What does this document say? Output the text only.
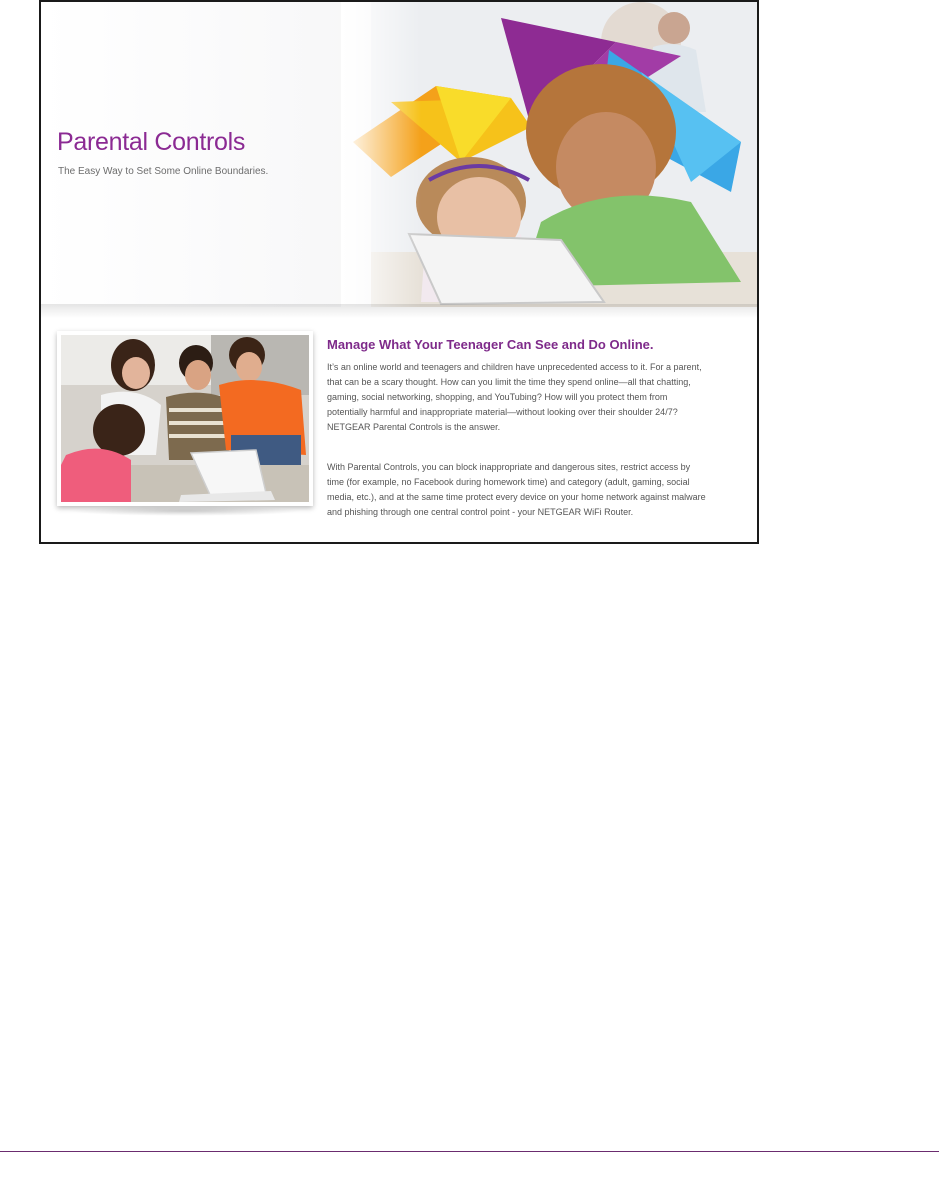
Parental Controls

The Easy Way to Set Some Online Boundaries.

Manage What Your Teenager Can See and Do Online.

It’s an online world and teenagers and children have unprecedented access to it. For a parent, that can be a scary thought. How can you limit the time they spend online—all that chatting, gaming, social networking, shopping, and YouTubing? How will you protect them from potentially harmful and inappropriate material—without looking over their shoulder 24/7? NETGEAR Parental Controls is the answer.

With Parental Controls, you can block inappropriate and dangerous sites, restrict access by time (for example, no Facebook during homework time) and category (adult, gaming, social media, etc.), and at the same time protect every device on your home network against malware and phishing through one central control point - your NETGEAR WiFi Router.
